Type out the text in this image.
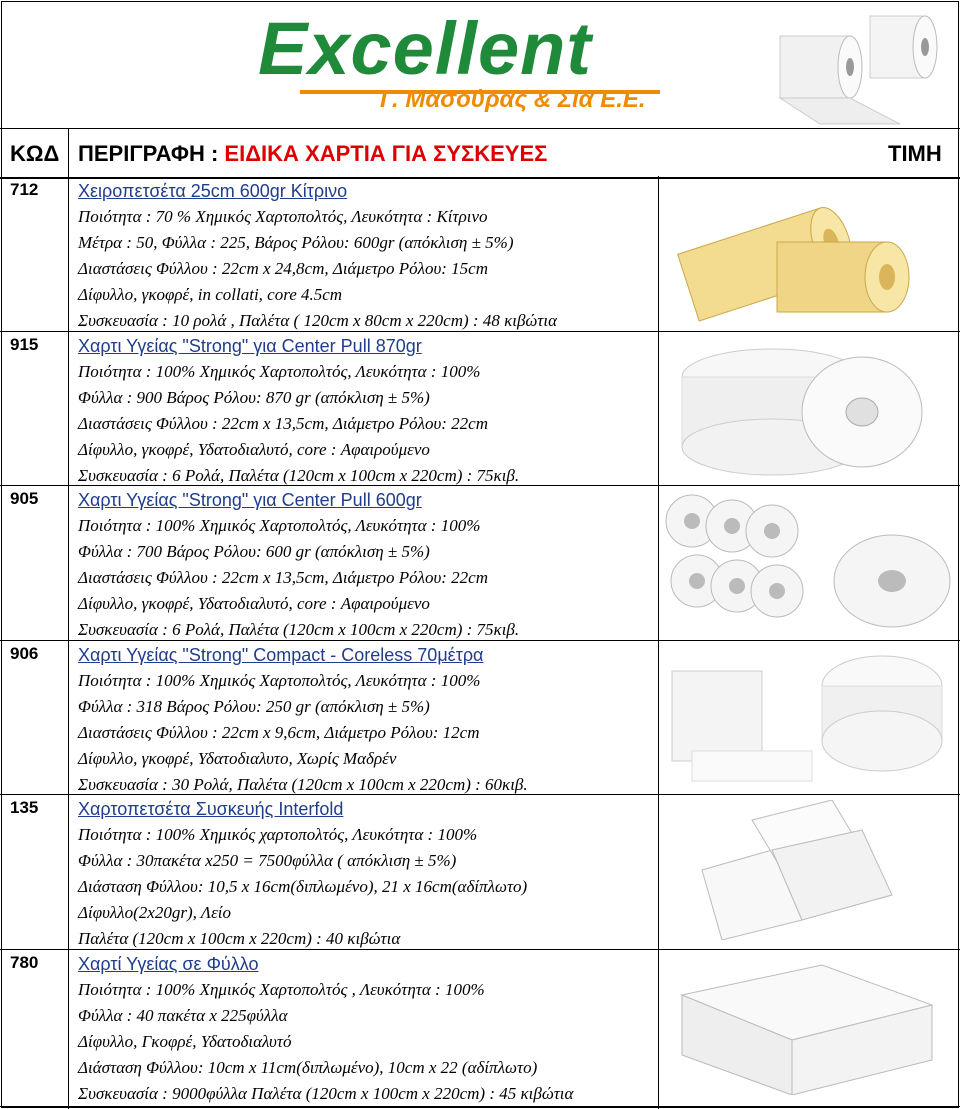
Excellent
Γ. Μασούρας & Σια Ε.Ε.
ΚΩΔ ΠΕΡΙΓΡΑΦΗ : ΕΙΔΙΚΑ ΧΑΡΤΙΑ ΓΙΑ ΣΥΣΚΕΥΕΣ	ΤΙΜΗ
712 Χειροπετσέτα 25cm 600gr Κίτρινο
Ποιότητα : 70 % Χημικός Χαρτοπολτός, Λευκότητα : Κίτρινο
Μέτρα : 50, Φύλλα : 225, Βάρος Ρόλου: 600gr (απόκλιση ± 5%)
Διαστάσεις Φύλλου : 22cm x 24,8cm, Διάμετρο Ρόλου: 15cm
Δίφυλλο, γκοφρέ, in collati, core 4.5cm
Συσκευασία : 10 ρολά , Παλέτα ( 120cm x 80cm x 220cm) : 48 κιβώτια
915 Χαρτι Υγείας "Strong" για Center Pull 870gr
Ποιότητα : 100% Χημικός Χαρτοπολτός, Λευκότητα : 100%
Φύλλα : 900 Βάρος Ρόλου: 870 gr (απόκλιση ± 5%)
Διαστάσεις Φύλλου : 22cm x 13,5cm, Διάμετρο Ρόλου: 22cm
Δίφυλλο, γκοφρέ, Υδατοδιαλυτό, core : Αφαιρούμενο
Συσκευασία : 6 Ρολά, Παλέτα (120cm x 100cm x 220cm) : 75κιβ.
905 Χαρτι Υγείας "Strong" για Center Pull 600gr
Ποιότητα : 100% Χημικός Χαρτοπολτός, Λευκότητα : 100%
Φύλλα : 700 Βάρος Ρόλου: 600 gr (απόκλιση ± 5%)
Διαστάσεις Φύλλου : 22cm x 13,5cm, Διάμετρο Ρόλου: 22cm
Δίφυλλο, γκοφρέ, Υδατοδιαλυτό, core : Αφαιρούμενο
Συσκευασία : 6 Ρολά, Παλέτα (120cm x 100cm x 220cm) : 75κιβ.
906 Χαρτι Υγείας "Strong" Compact - Coreless 70μέτρα
Ποιότητα : 100% Χημικός Χαρτοπολτός, Λευκότητα : 100%
Φύλλα : 318 Βάρος Ρόλου: 250 gr (απόκλιση ± 5%)
Διαστάσεις Φύλλου : 22cm x 9,6cm, Διάμετρο Ρόλου: 12cm
Δίφυλλο, γκοφρέ, Υδατοδιαλυτο, Χωρίς Μαδρέν
Συσκευασία : 30 Ρολά, Παλέτα (120cm x 100cm x 220cm) : 60κιβ.
135 Χαρτοπετσέτα Συσκευής Interfold
Ποιότητα : 100% Χημικός χαρτοπολτός, Λευκότητα : 100%
Φύλλα : 30πακέτα x250 = 7500φύλλα ( απόκλιση ± 5%)
Διάσταση Φύλλου: 10,5 x 16cm(διπλωμένο), 21 x 16cm(αδίπλωτο)
Δίφυλλο(2x20gr), Λείο
Παλέτα (120cm x 100cm x 220cm) : 40 κιβώτια
780 Χαρτί Υγείας σε Φύλλο
Ποιότητα : 100% Χημικός Χαρτοπολτός , Λευκότητα : 100%
Φύλλα : 40 πακέτα x 225φύλλα
Δίφυλλο, Γκοφρέ, Υδατοδιαλυτό
Διάσταση Φύλλου: 10cm x 11cm(διπλωμένο), 10cm x 22 (αδίπλωτο)
Συσκευασία : 9000φύλλα Παλέτα (120cm x 100cm x 220cm) : 45 κιβώτια
